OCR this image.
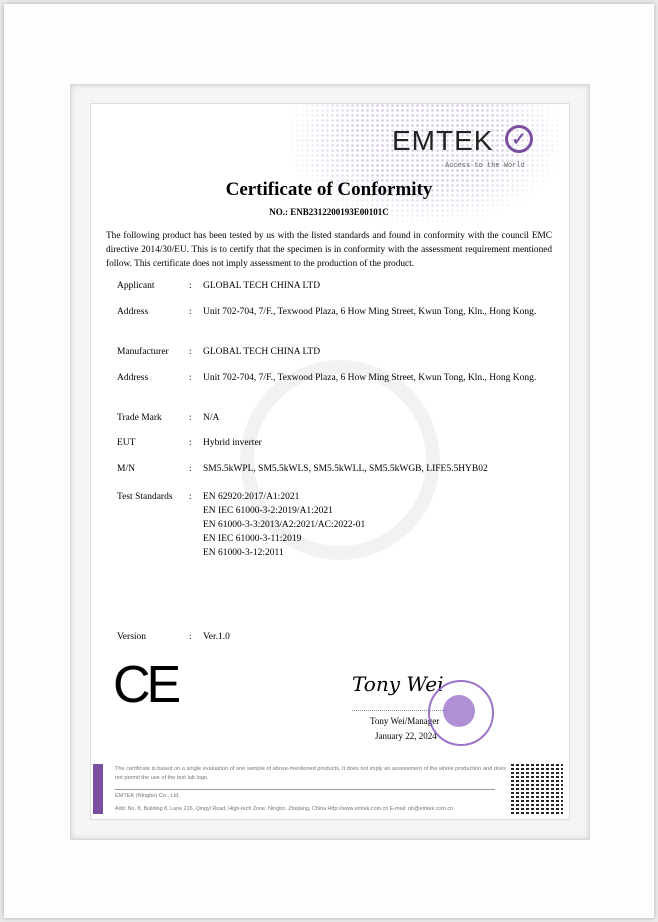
EMTEK ✓
Access to the World
Certificate of Conformity
NO.: ENB2312200193E00101C
The following product has been tested by us with the listed standards and found in conformity with the council EMC directive 2014/30/EU. This is to certify that the specimen is in conformity with the assessment requirement mentioned follow. This certificate does not imply assessment to the production of the product.
Applicant	: GLOBAL TECH CHINA LTD
Address	: Unit 702-704, 7/F., Texwood Plaza, 6 How Ming Street, Kwun Tong, Kln., Hong Kong.
Manufacturer	: GLOBAL TECH CHINA LTD
Address	: Unit 702-704, 7/F., Texwood Plaza, 6 How Ming Street, Kwun Tong, Kln., Hong Kong.
Trade Mark	: N/A
EUT	: Hybrid inverter
M/N	: SM5.5kWPL, SM5.5kWLS, SM5.5kWLL, SM5.5kWGB, LIFE5.5HYB02
Test Standards	: EN 62920:2017/A1:2021
EN IEC 61000-3-2:2019/A1:2021
EN 61000-3-3:2013/A2:2021/AC:2022-01
EN IEC 61000-3-11:2019
EN 61000-3-12:2011
Version	: Ver.1.0
CE	Tony Wei
Tony Wei/Manager
January 22, 2024
The certificate is based on a single evaluation of one sample of above-mentioned products, It does not imply an assessment of the whole production and does not permit the use of the test lab logo.
EMTEK (Ningbo) Co., Ltd.
Add: No. 8, Building 8, Lane 216, Qingyi Road, High-tech Zone, Ningbo, Zhejiang, China Http://www.emtek.com.cn E-mail: nb@emtek.com.cn
